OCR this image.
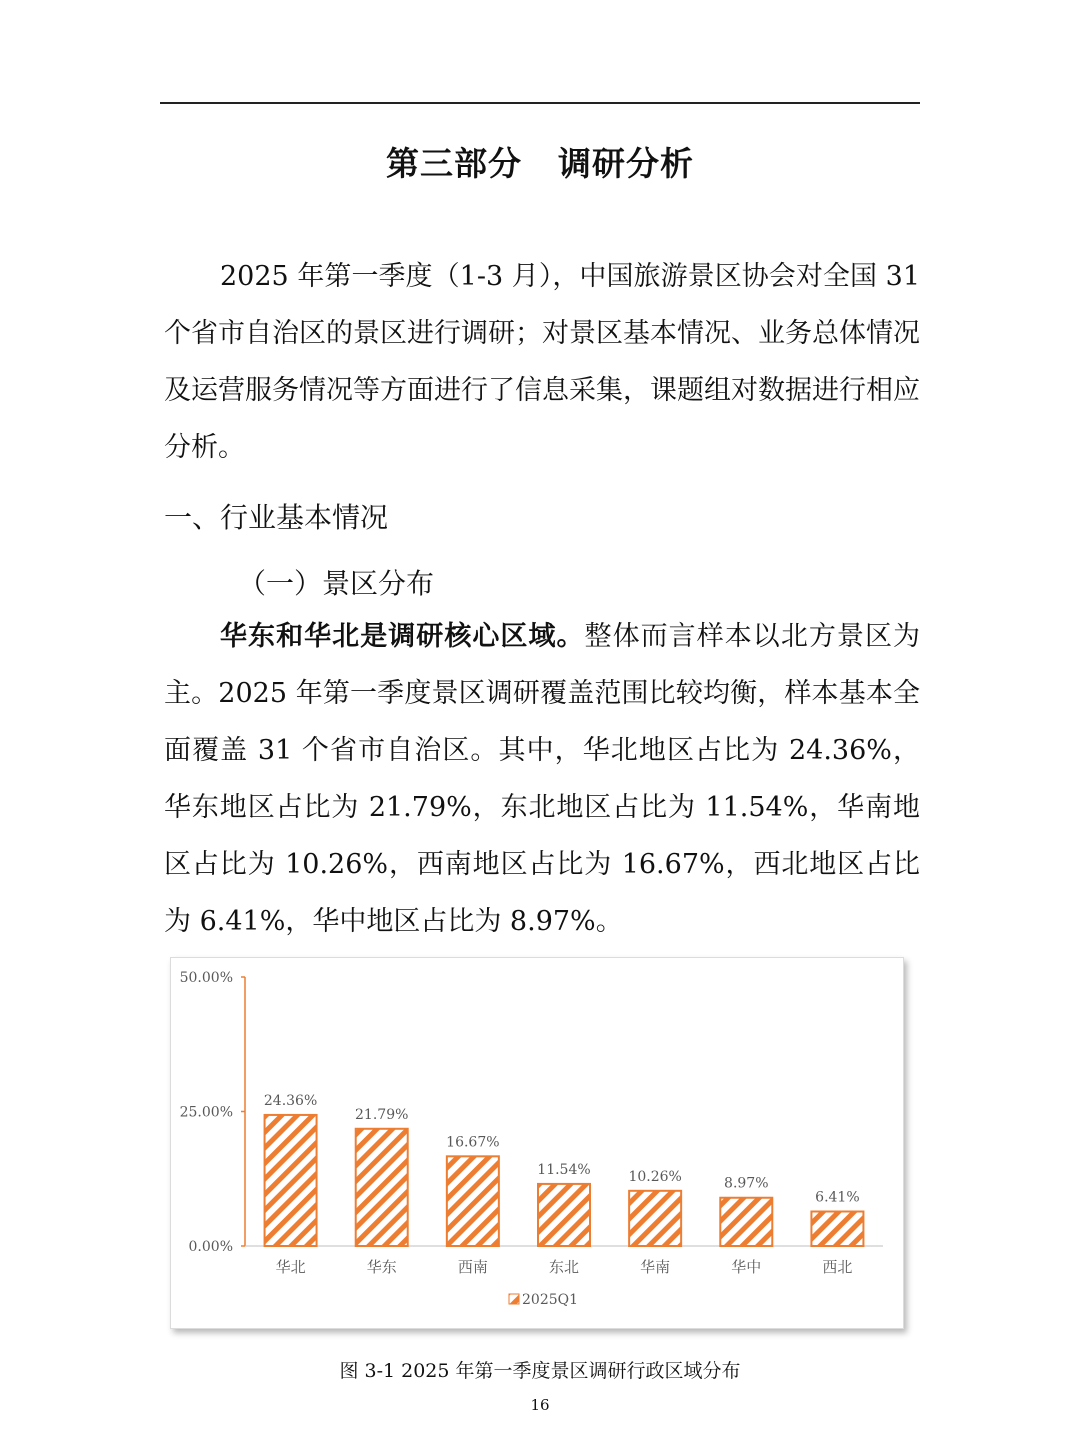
第三部分 调研分析

2025 年第一季度（1-3 月），中国旅游景区协会对全国 31 个省市自治区的景区进行调研；对景区基本情况、业务总体情况及运营服务情况等方面进行了信息采集，课题组对数据进行相应分析。

一、行业基本情况
（一）景区分布

华东和华北是调研核心区域。整体而言样本以北方景区为主。2025 年第一季度景区调研覆盖范围比较均衡，样本基本全面覆盖 31 个省市自治区。其中，华北地区占比为 24.36%，华东地区占比为 21.79%，东北地区占比为 11.54%，华南地区占比为 10.26%，西南地区占比为 16.67%，西北地区占比为 6.41%，华中地区占比为 8.97%。

0.00%
25.00%
50.00%
24.36%
华北
21.79%
华东
16.67%
西南
11.54%
东北
10.26%
华南
8.97%
华中
6.41%
西北
2025Q1
图 3-1 2025 年第一季度景区调研行政区域分布
16
